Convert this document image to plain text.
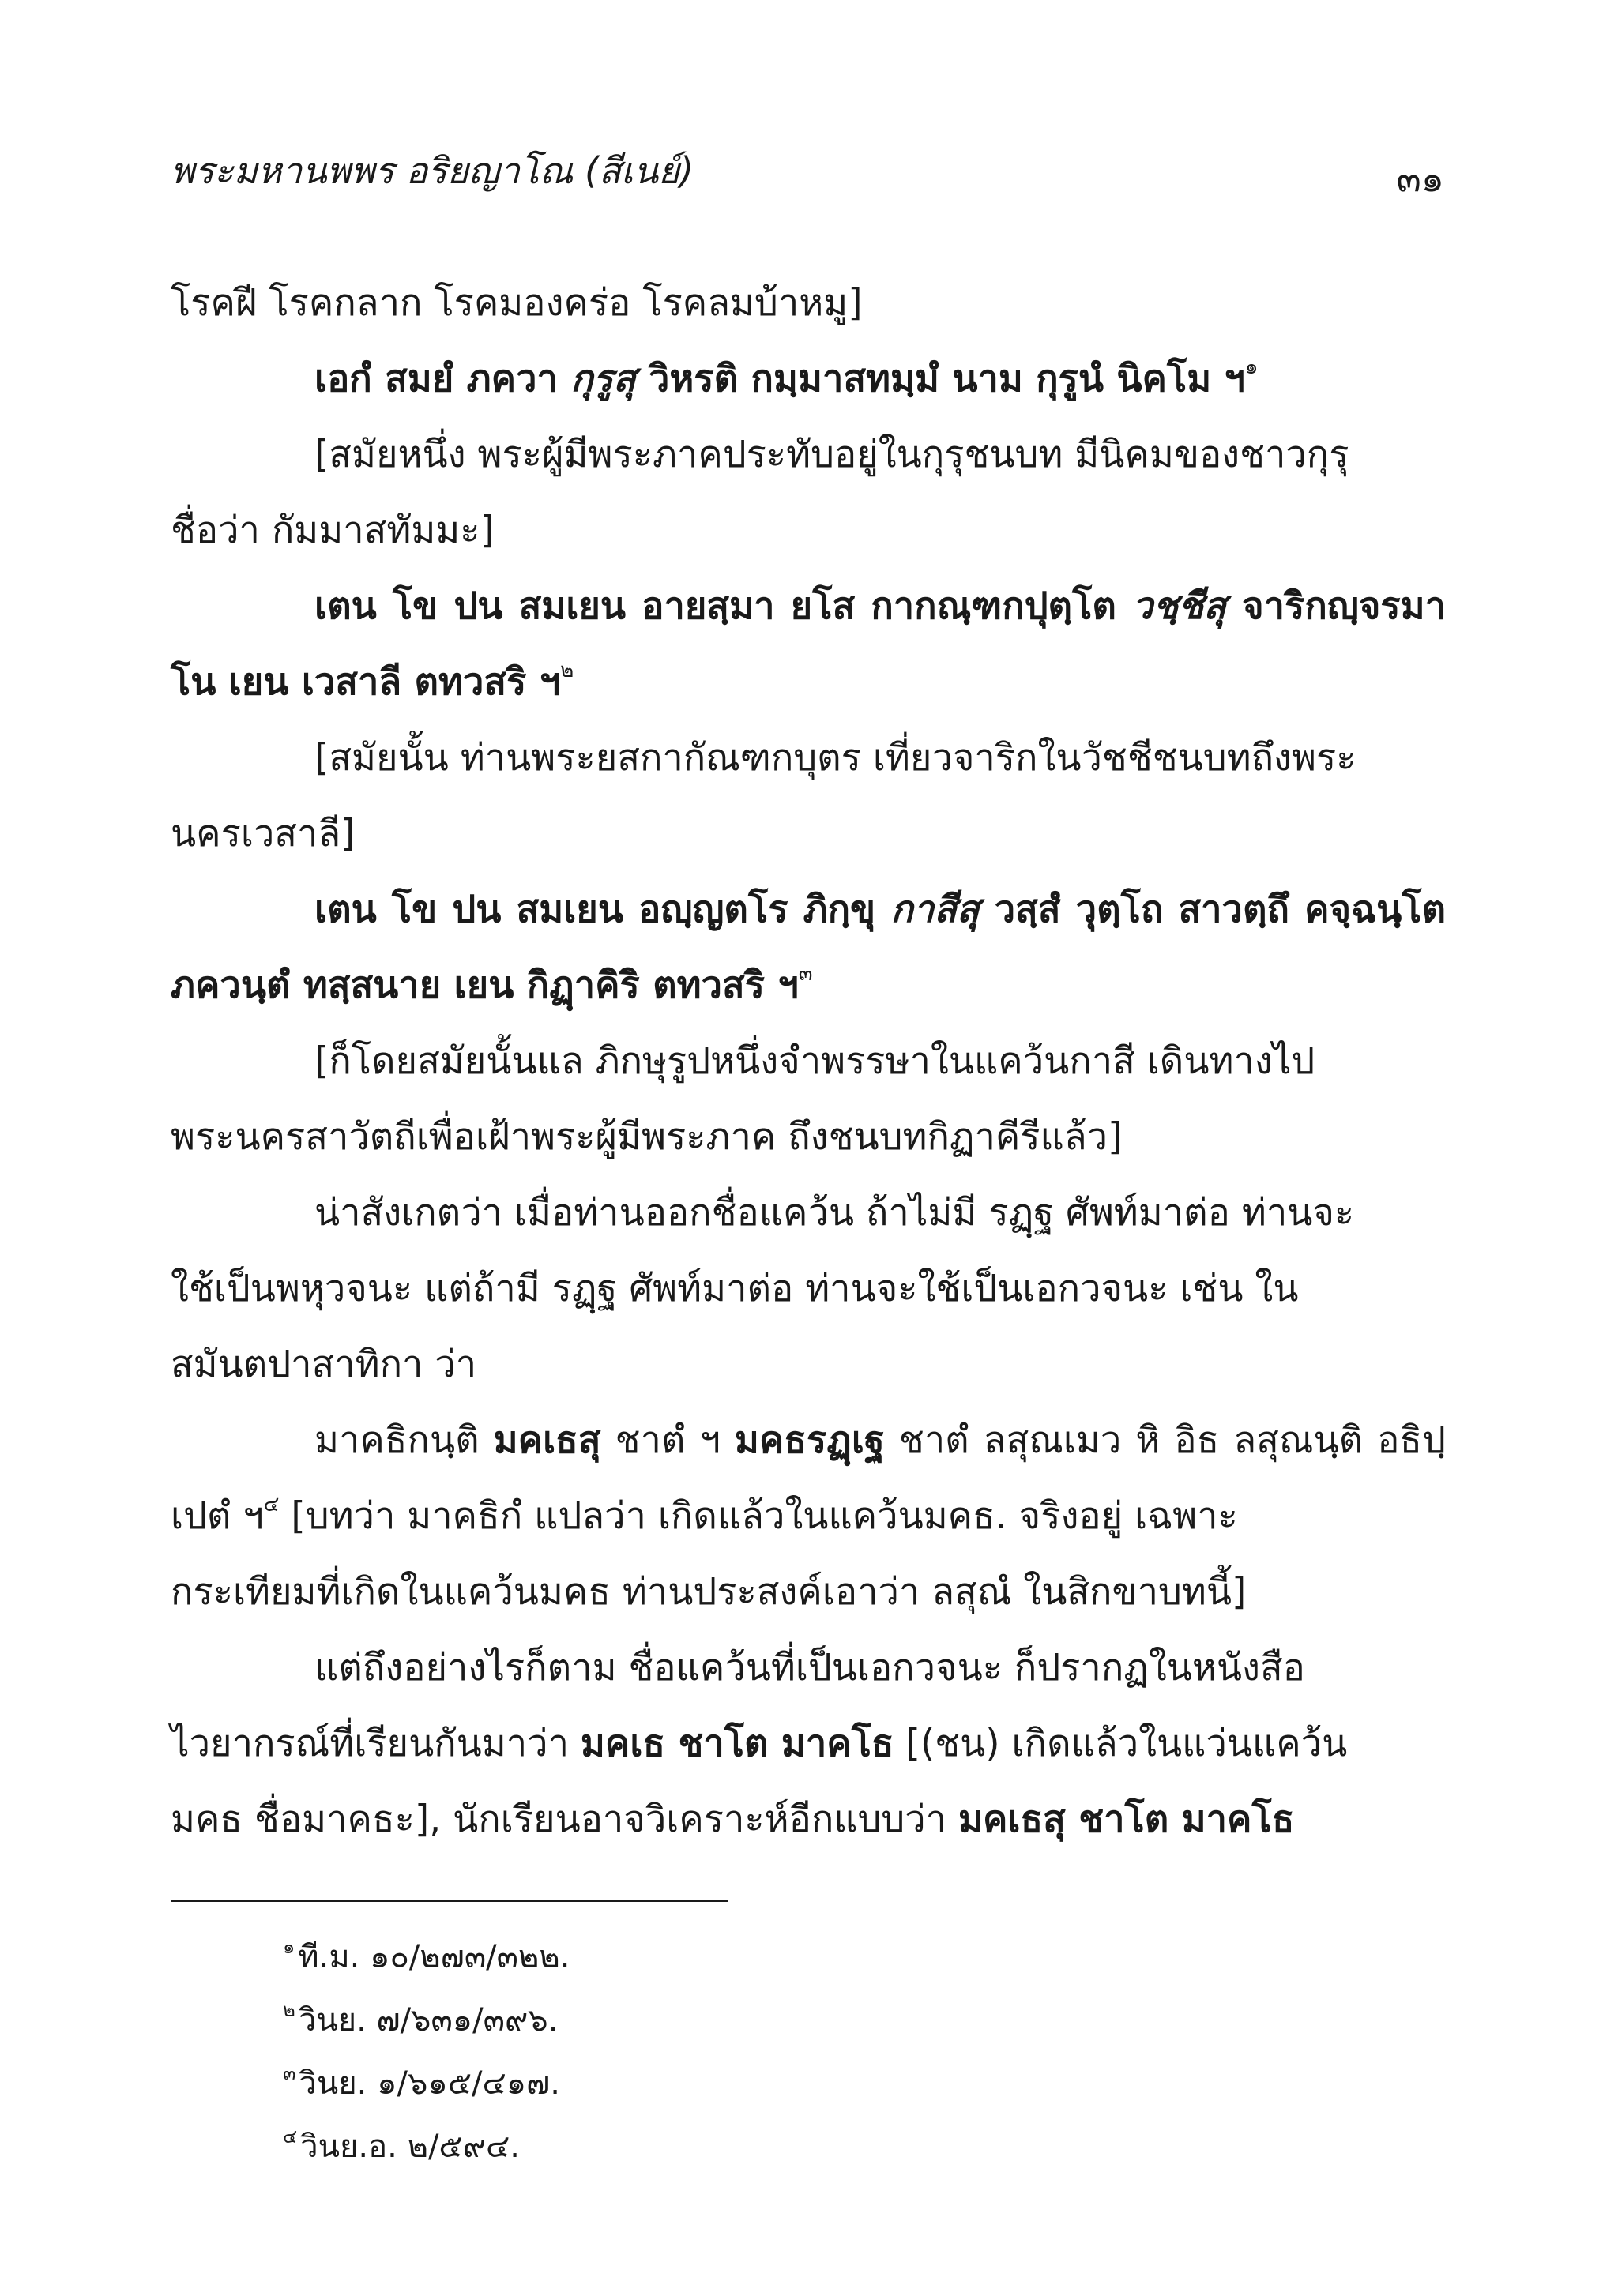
พระมหานพพร อริยญาโณ (สีเนย์)	๓๑

โรคฝี โรคกลาก โรคมองคร่อ โรคลมบ้าหมู]

เอกํ สมยํ ภควา กุรูสุ วิหรติ กมฺมาสทมฺมํ นาม กุรูนํ นิคโม ฯ$^๑$

[สมัยหนึ่ง พระผู้มีพระภาคประทับอยู่ในกุรุชนบท มีนิคมของชาวกุรุ
ชื่อว่า กัมมาสทัมมะ]

เตน โข ปน สมเยน อายสฺมา ยโส กากณฺฑกปุตฺโต วชฺชีสุ จาริกญฺจรมาโน เยน เวสาลี ตทวสริ ฯ$^๒$

[สมัยนั้น ท่านพระยสกากัณฑกบุตร เที่ยวจาริกในวัชชีชนบทถึงพระ
นครเวสาลี]

เตน โข ปน สมเยน อญฺญตโร ภิกฺขุ กาสีสุ วสฺสํ วุตฺโถ สาวตฺถึ คจฺฉนฺโต ภควนฺตํ ทสฺสนาย เยน กิฏฺาคิริ ตทวสริ ฯ$^๓$

[ก็โดยสมัยนั้นแล ภิกษุรูปหนึ่งจำพรรษาในแคว้นกาสี เดินทางไป
พระนครสาวัตถีเพื่อเฝ้าพระผู้มีพระภาค ถึงชนบทกิฏาคีรีแล้ว]

น่าสังเกตว่า เมื่อท่านออกชื่อแคว้น ถ้าไม่มี รฏฺฐ ศัพท์มาต่อ ท่านจะ
ใช้เป็นพหุวจนะ แต่ถ้ามี รฏฺฐ ศัพท์มาต่อ ท่านจะใช้เป็นเอกวจนะ เช่น ใน
สมันตปาสาทิกา ว่า

มาคธิกนฺติ มคเธสุ ชาตํ ฯ มคธรฏฺเฐ ชาตํ ลสุณเมว หิ อิธ ลสุณนฺติ อธิปฺเปตํ ฯ$^๔$ [บทว่า มาคธิกํ แปลว่า เกิดแล้วในแคว้นมคธ. จริงอยู่ เฉพาะ
กระเทียมที่เกิดในแคว้นมคธ ท่านประสงค์เอาว่า ลสุณํ ในสิกขาบทนี้]

แต่ถึงอย่างไรก็ตาม ชื่อแคว้นที่เป็นเอกวจนะ ก็ปรากฏในหนังสือ
ไวยากรณ์ที่เรียนกันมาว่า มคเธ ชาโต มาคโธ [(ชน) เกิดแล้วในแว่นแคว้น
มคธ ชื่อมาคธะ], นักเรียนอาจวิเคราะห์อีกแบบว่า มคเธสุ ชาโต มาคโธ

$^๑$ ที.ม. ๑๐/๒๗๓/๓๒๒.

$^๒$ วินย. ๗/๖๓๑/๓๙๖.

$^๓$ วินย. ๑/๖๑๕/๔๑๗.

$^๔$ วินย.อ. ๒/๕๙๔.
